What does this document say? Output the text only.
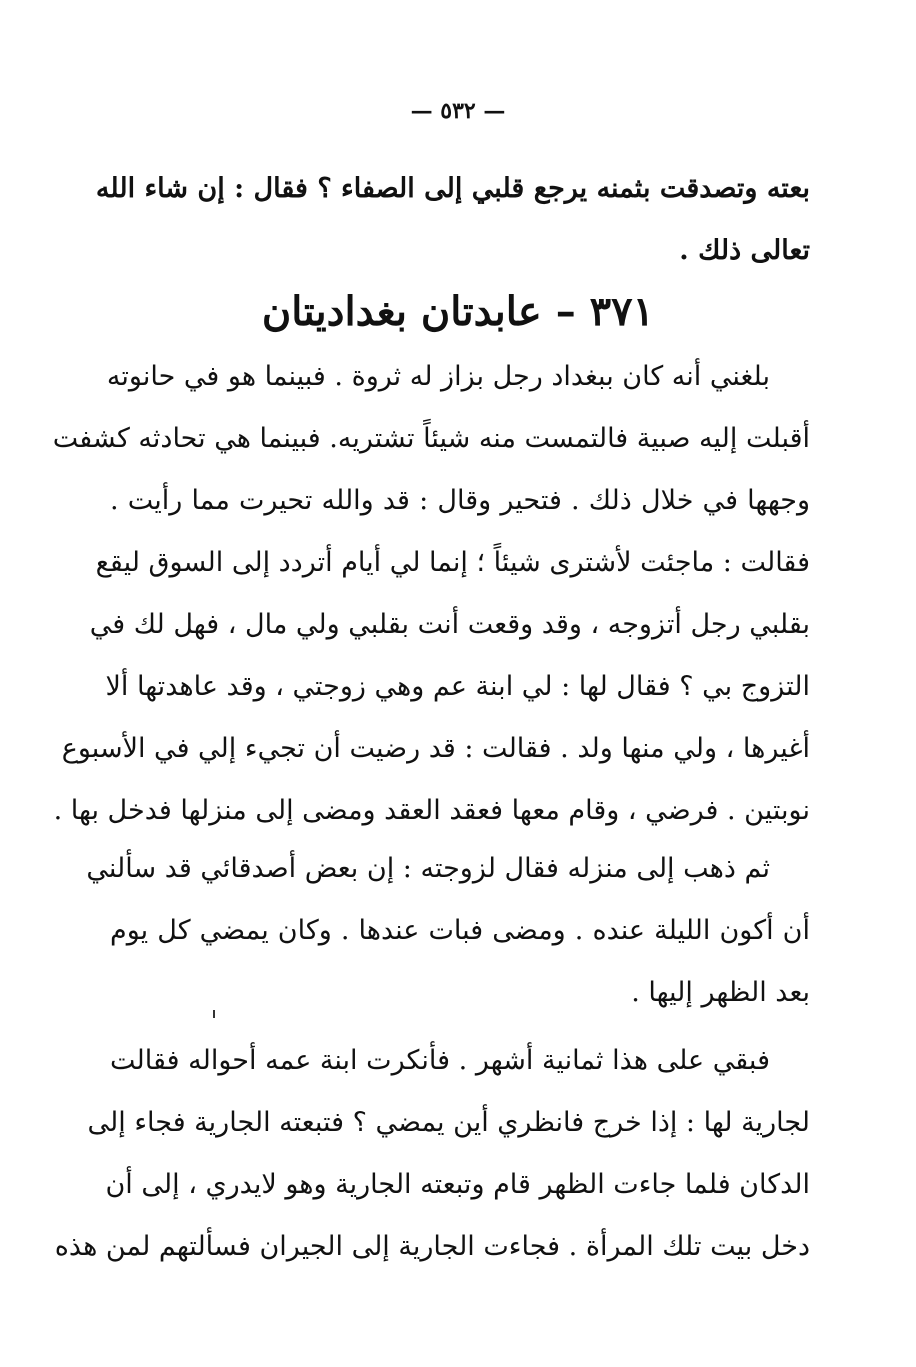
— ٥٣٢ —
بعته وتصدقت بثمنه يرجع قلبي إلى الصفاء ؟ فقال : إن شاء الله
تعالى ذلك .
٣٧١ – عابدتان بغداديتان
بلغني أنه كان ببغداد رجل بزاز له ثروة . فبينما هو في حانوته
أقبلت إليه صبية فالتمست منه شيئاً تشتريه. فبينما هي تحادثه كشفت
وجهها في خلال ذلك . فتحير وقال : قد والله تحيرت مما رأيت .
فقالت : ماجئت لأشترى شيئاً ؛ إنما لي أيام أتردد إلى السوق ليقع
بقلبي رجل أتزوجه ، وقد وقعت أنت بقلبي ولي مال ، فهل لك في
التزوج بي ؟ فقال لها : لي ابنة عم وهي زوجتي ، وقد عاهدتها ألا
أغيرها ، ولي منها ولد . فقالت : قد رضيت أن تجيء إلي في الأسبوع
نوبتين . فرضي ، وقام معها فعقد العقد ومضى إلى منزلها فدخل بها .
ثم ذهب إلى منزله فقال لزوجته : إن بعض أصدقائي قد سألني
أن أكون الليلة عنده . ومضى فبات عندها . وكان يمضي كل يوم
بعد الظهر إليها .
فبقي على هذا ثمانية أشهر . فأنكرت ابنة عمه أحواله فقالت
لجارية لها : إذا خرج فانظري أين يمضي ؟ فتبعته الجارية فجاء إلى
الدكان فلما جاءت الظهر قام وتبعته الجارية وهو لايدري ، إلى أن
دخل بيت تلك المرأة . فجاءت الجارية إلى الجيران فسألتهم لمن هذه
